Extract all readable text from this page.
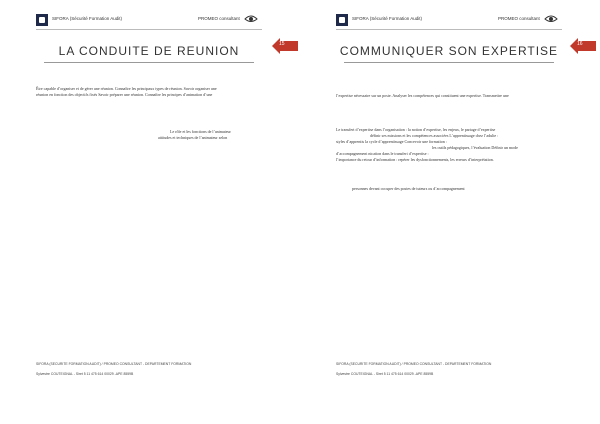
SIFORA (Sécurité Formation Audit)	PROMEO consultant
LA CONDUITE DE REUNION	15
Être capable d’organiser et de gérer une réunion. Connaître les principaux types de réunion. Savoir organiser une
réunion en fonction des objectifs fixés Savoir préparer une réunion. Connaître les principes d’animation d’une
Le rôle et les fonctions de l’animateur
attitudes et techniques de l’animateur selon
SIFORA (SECURITE FORMATION AUDIT) / PROMEO CONSULTANT - DEPARTEMENT FORMATION
Sylvestre COUTEIGNAL - Siret 5 11 475 614 00029 -APE 8559B
SIFORA (Sécurité Formation Audit)	PROMEO consultant
COMMUNIQUER SON EXPERTISE	16
l’expertise nécessaire sur un poste. Analyser les compétences qui constituent une expertise. Transmettre une
Le transfert d’expertise dans l’organisation : la notion d’expertise, les enjeux, le partage d’expertise
définir ses missions et les compétences associées L’apprentissage chez l’adulte :
styles d’apprentis la cycle d’apprentissage Concevoir une formation :
les outils pédagogiques, l’évaluation Définir un mode
d’accompagnement nication dans le transfert d’expertise :
l’importance du retour d’information : repérer les dysfonctionnements, les erreurs d’interprétation.
personnes devant occuper des postes de tuteurs ou d’accompagnement
SIFORA (SECURITE FORMATION AUDIT) / PROMEO CONSULTANT - DEPARTEMENT FORMATION
Sylvestre COUTEIGNAL - Siret 5 11 475 614 00029 -APE 8559B
